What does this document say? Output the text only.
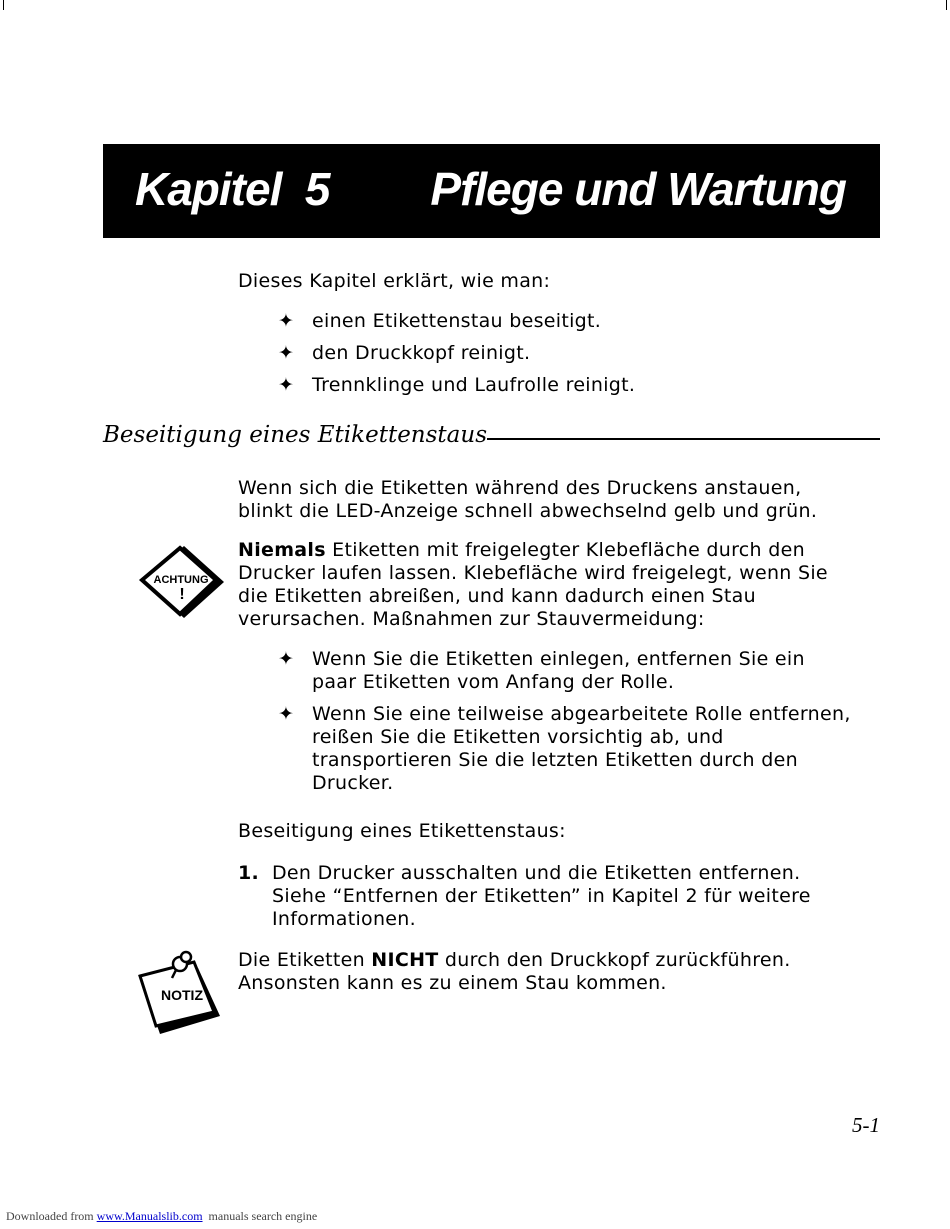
Kapitel  5 Pflege und Wartung
Dieses Kapitel erklärt, wie man:
✦ einen Etikettenstau beseitigt.
✦ den Druckkopf reinigt.
✦ Trennklinge und Laufrolle reinigt.
Beseitigung eines Etikettenstaus
Wenn sich die Etiketten während des Druckens anstauen,
blinkt die LED-Anzeige schnell abwechselnd gelb und grün.
ACHTUNG
!
Niemals Etiketten mit freigelegter Klebefläche durch den
Drucker laufen lassen. Klebefläche wird freigelegt, wenn Sie
die Etiketten abreißen, und kann dadurch einen Stau
verursachen. Maßnahmen zur Stauvermeidung:
✦ Wenn Sie die Etiketten einlegen, entfernen Sie ein
paar Etiketten vom Anfang der Rolle.
✦ Wenn Sie eine teilweise abgearbeitete Rolle entfernen,
reißen Sie die Etiketten vorsichtig ab, und
transportieren Sie die letzten Etiketten durch den
Drucker.
Beseitigung eines Etikettenstaus:
1. Den Drucker ausschalten und die Etiketten entfernen.
Siehe “Entfernen der Etiketten” in Kapitel 2 für weitere
Informationen.
NOTIZ
Die Etiketten NICHT durch den Druckkopf zurückführen.
Ansonsten kann es zu einem Stau kommen.
5-1
Downloaded from www.Manualslib.com  manuals search engine
